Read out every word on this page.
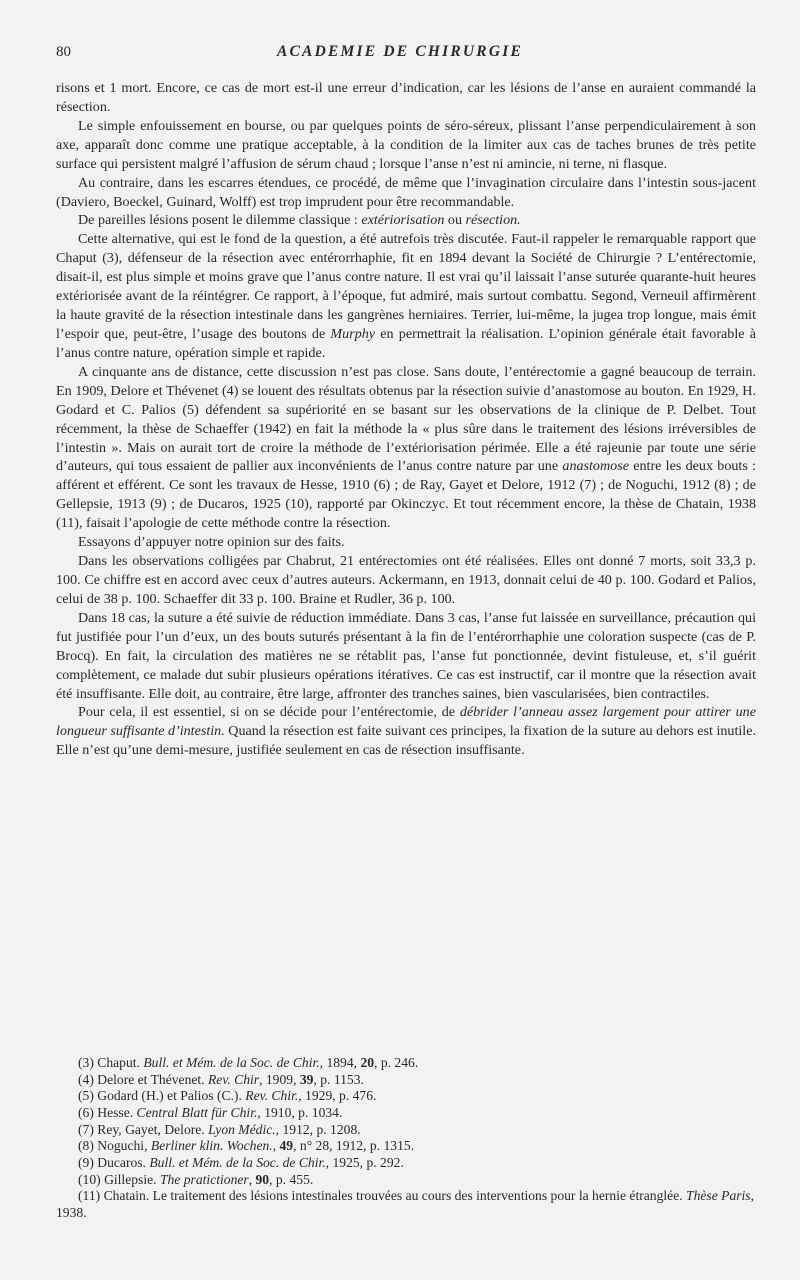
80	ACADEMIE DE CHIRURGIE

risons et 1 mort. Encore, ce cas de mort est-il une erreur d’indication, car les lésions de l’anse en auraient commandé la résection.

Le simple enfouissement en bourse, ou par quelques points de séro-séreux, plissant l’anse perpendiculairement à son axe, apparaît donc comme une pratique acceptable, à la condition de la limiter aux cas de taches brunes de très petite surface qui persistent malgré l’affusion de sérum chaud ; lorsque l’anse n’est ni amincie, ni terne, ni flasque.

Au contraire, dans les escarres étendues, ce procédé, de même que l’invagination circulaire dans l’intestin sous-jacent (Daviero, Boeckel, Guinard, Wolff) est trop imprudent pour être recommandable.

De pareilles lésions posent le dilemme classique : extériorisation ou résection.

Cette alternative, qui est le fond de la question, a été autrefois très discutée. Faut-il rappeler le remarquable rapport que Chaput (3), défenseur de la résection avec entérorrhaphie, fit en 1894 devant la Société de Chirurgie ? L’entérectomie, disait-il, est plus simple et moins grave que l’anus contre nature. Il est vrai qu’il laissait l’anse suturée quarante-huit heures extériorisée avant de la réintégrer. Ce rapport, à l’époque, fut admiré, mais surtout combattu. Segond, Verneuil affirmèrent la haute gravité de la résection intestinale dans les gangrènes herniaires. Terrier, lui-même, la jugea trop longue, mais émit l’espoir que, peut-être, l’usage des boutons de Murphy en permettrait la réalisation. L’opinion générale était favorable à l’anus contre nature, opération simple et rapide.

A cinquante ans de distance, cette discussion n’est pas close. Sans doute, l’entérectomie a gagné beaucoup de terrain. En 1909, Delore et Thévenet (4) se louent des résultats obtenus par la résection suivie d’anastomose au bouton. En 1929, H. Godard et C. Palios (5) défendent sa supériorité en se basant sur les observations de la clinique de P. Delbet. Tout récemment, la thèse de Schaeffer (1942) en fait la méthode la « plus sûre dans le traitement des lésions irréversibles de l’intestin ». Mais on aurait tort de croire la méthode de l’extériorisation périmée. Elle a été rajeunie par toute une série d’auteurs, qui tous essaient de pallier aux inconvénients de l’anus contre nature par une anastomose entre les deux bouts : afférent et efférent. Ce sont les travaux de Hesse, 1910 (6) ; de Ray, Gayet et Delore, 1912 (7) ; de Noguchi, 1912 (8) ; de Gellepsie, 1913 (9) ; de Ducaros, 1925 (10), rapporté par Okinczyc. Et tout récemment encore, la thèse de Chatain, 1938 (11), faisait l’apologie de cette méthode contre la résection.

Essayons d’appuyer notre opinion sur des faits.

Dans les observations colligées par Chabrut, 21 entérectomies ont été réalisées. Elles ont donné 7 morts, soit 33,3 p. 100. Ce chiffre est en accord avec ceux d’autres auteurs. Ackermann, en 1913, donnait celui de 40 p. 100. Godard et Palios, celui de 38 p. 100. Schaeffer dit 33 p. 100. Braine et Rudler, 36 p. 100.

Dans 18 cas, la suture a été suivie de réduction immédiate. Dans 3 cas, l’anse fut laissée en surveillance, précaution qui fut justifiée pour l’un d’eux, un des bouts suturés présentant à la fin de l’entérorrhaphie une coloration suspecte (cas de P. Brocq). En fait, la circulation des matières ne se rétablit pas, l’anse fut ponctionnée, devint fistuleuse, et, s’il guérit complètement, ce malade dut subir plusieurs opérations itératives. Ce cas est instructif, car il montre que la résection avait été insuffisante. Elle doit, au contraire, être large, affronter des tranches saines, bien vascularisées, bien contractiles.

Pour cela, il est essentiel, si on se décide pour l’entérectomie, de débrider l’anneau assez largement pour attirer une longueur suffisante d’intestin. Quand la résection est faite suivant ces principes, la fixation de la suture au dehors est inutile. Elle n’est qu’une demi-mesure, justifiée seulement en cas de résection insuffisante.

(3) Chaput. Bull. et Mém. de la Soc. de Chir., 1894, 20, p. 246.
(4) Delore et Thévenet. Rev. Chir, 1909, 39, p. 1153.
(5) Godard (H.) et Palios (C.). Rev. Chir., 1929, p. 476.
(6) Hesse. Central Blatt für Chir., 1910, p. 1034.
(7) Rey, Gayet, Delore. Lyon Médic., 1912, p. 1208.
(8) Noguchi, Berliner klin. Wochen., 49, n° 28, 1912, p. 1315.
(9) Ducaros. Bull. et Mém. de la Soc. de Chir., 1925, p. 292.
(10) Gillepsie. The pratictioner, 90, p. 455.
(11) Chatain. Le traitement des lésions intestinales trouvées au cours des interventions pour la hernie étranglée. Thèse Paris, 1938.
